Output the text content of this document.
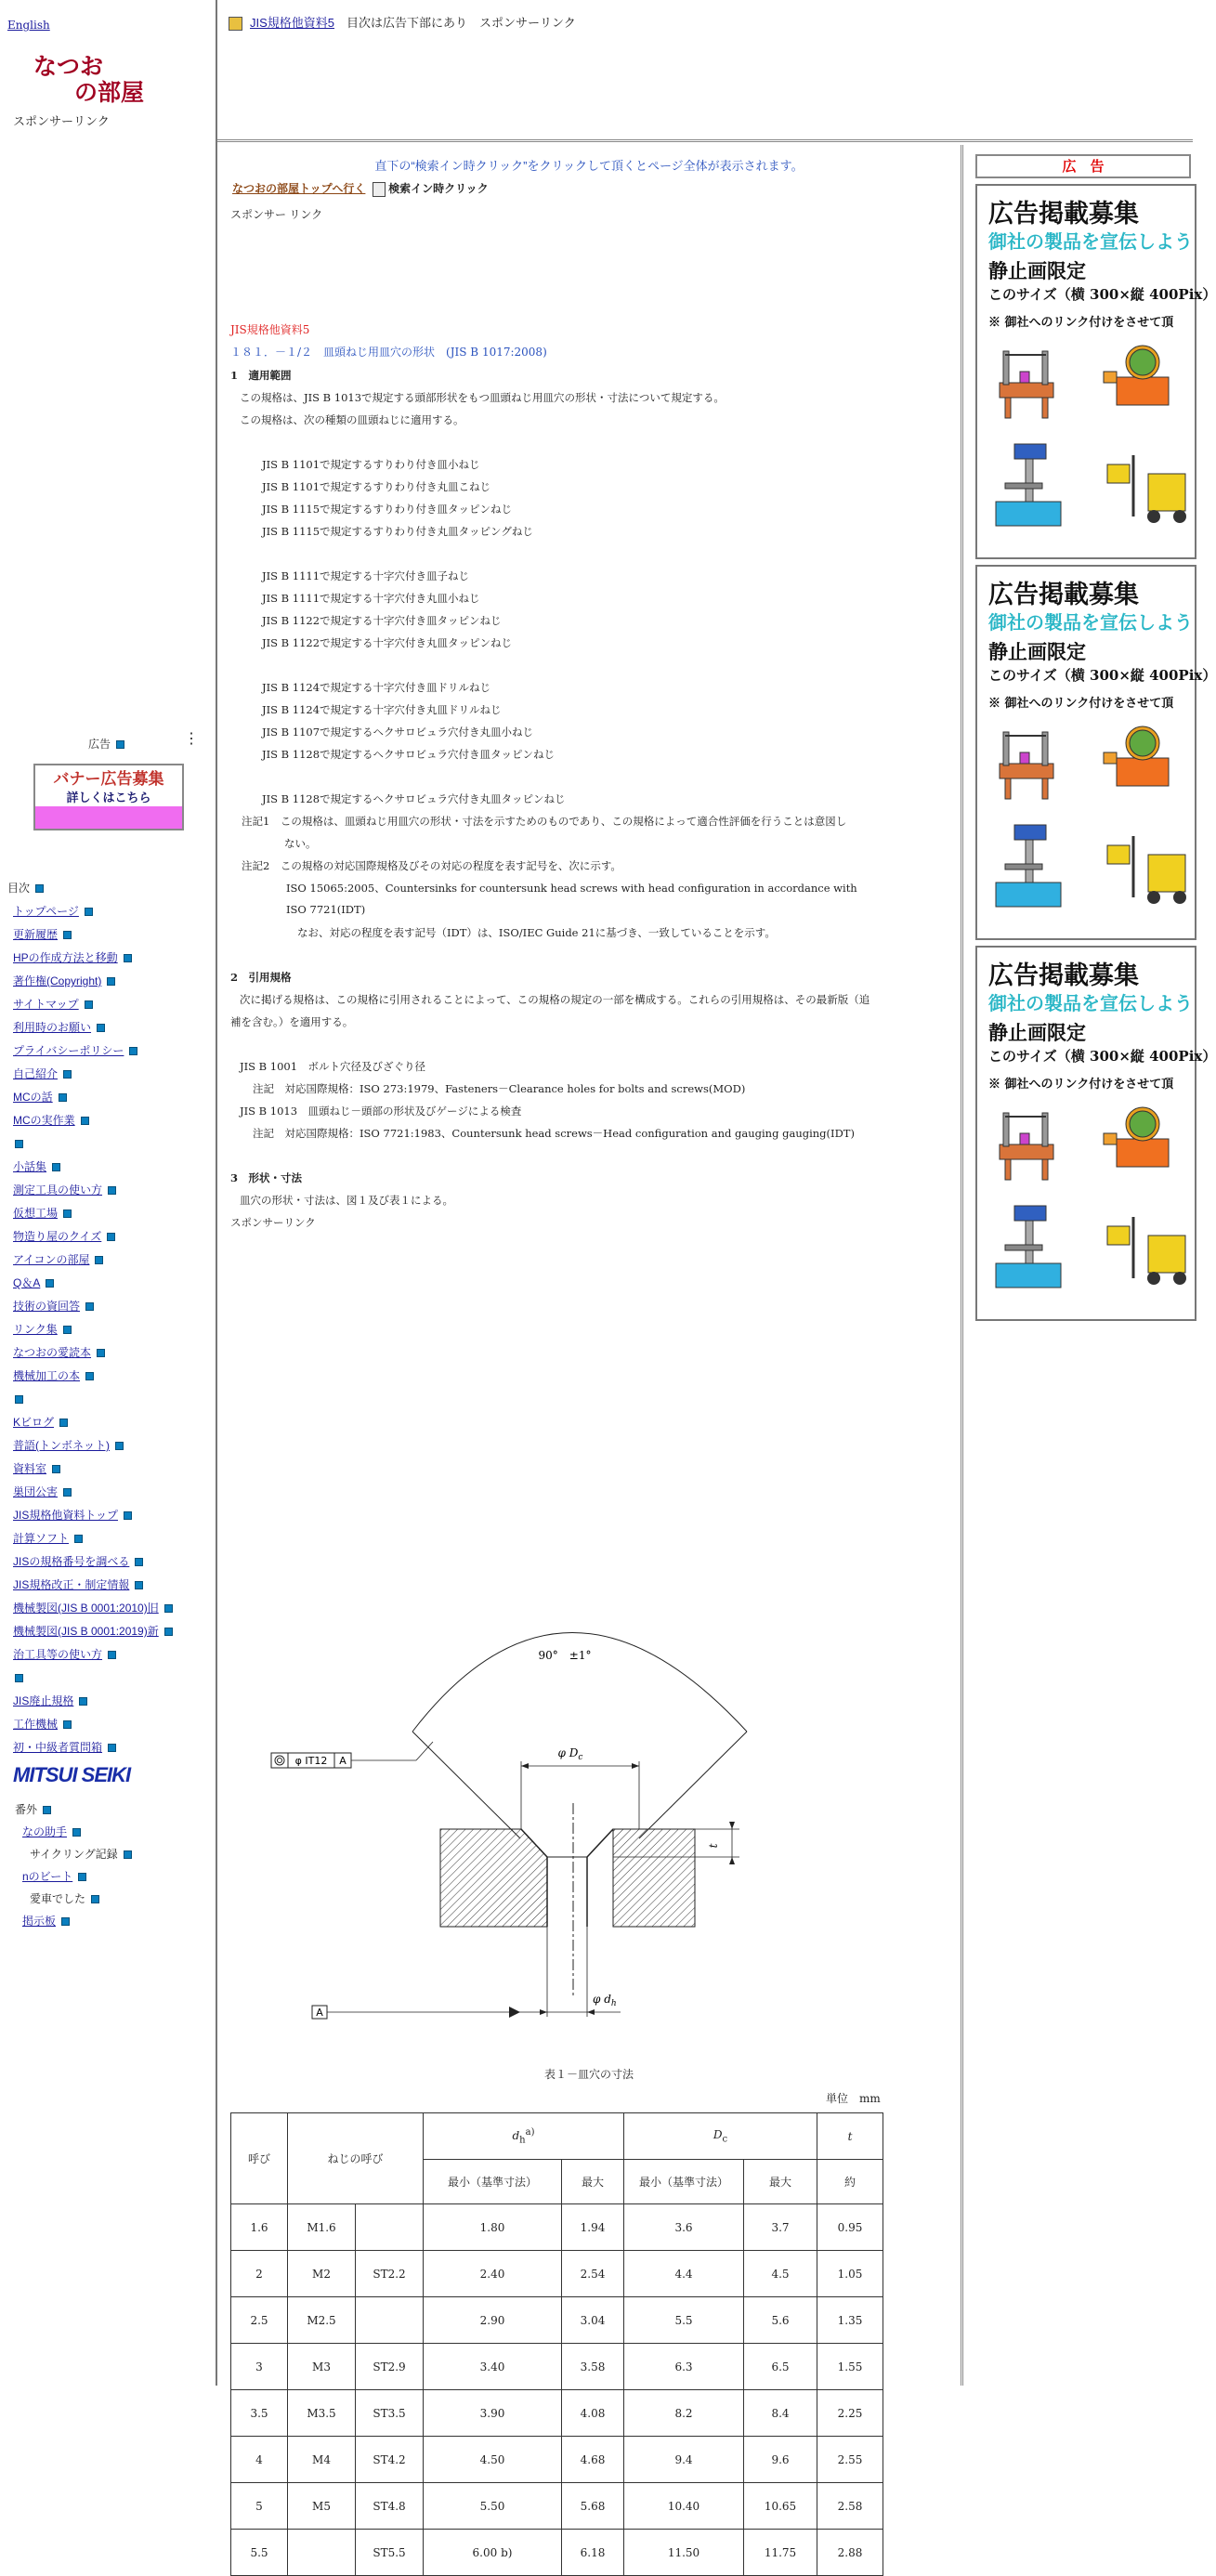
English
なつお
の部屋
スポンサーリンク
広告	⋮
バナー広告募集
詳しくはこちら
目次
トップページ
更新履歴
HPの作成方法と移動
著作権(Copyright)
サイトマップ
利用時のお願い
プライバシーポリシー
自己紹介
MCの話
MCの実作業
小話集
測定工具の使い方
仮想工場
物造り屋のクイズ
アイコンの部屋
Q＆A
技術の資回答
リンク集
なつおの愛読本
機械加工の本
Kビログ
普語(トンボネット)
資料室
巣団公害
JIS規格他資料トップ
計算ソフト
JISの規格番号を調べる
JIS規格改正・制定情報
機械製図(JIS B 0001:2010)旧
機械製図(JIS B 0001:2019)新
治工具等の使い方
JIS廃止規格
工作機械
初・中級者質問箱
MITSUI SEIKI
番外
なの助手
サイクリング記録
nのビート
愛車でした
掲示板
JIS規格他資料5　 目次は広告下部にあり　スポンサーリンク
直下の“検索イン時クリック”をクリックして頂くとページ全体が表示されます。
なつおの部屋トップへ行く 検索イン時クリック
スポンサー リンク
JIS規格他資料5
１８１．－１/２　皿頭ねじ用皿穴の形状　(JIS B 1017:2008)
1　適用範囲
この規格は、JIS B 1013で規定する頭部形状をもつ皿頭ねじ用皿穴の形状・寸法について規定する。
この規格は、次の種類の皿頭ねじに適用する。
JIS B 1101で規定するすりわり付き皿小ねじ
JIS B 1101で規定するすりわり付き丸皿こねじ
JIS B 1115で規定するすりわり付き皿タッピンねじ
JIS B 1115で規定するすりわり付き丸皿タッピングねじ
JIS B 1111で規定する十字穴付き皿子ねじ
JIS B 1111で規定する十字穴付き丸皿小ねじ
JIS B 1122で規定する十字穴付き皿タッピンねじ
JIS B 1122で規定する十字穴付き丸皿タッピンねじ
JIS B 1124で規定する十字穴付き皿ドリルねじ
JIS B 1124で規定する十字穴付き丸皿ドリルねじ
JIS B 1107で規定するヘクサロビュラ穴付き丸皿小ねじ
JIS B 1128で規定するヘクサロビュラ穴付き皿タッピンねじ
JIS B 1128で規定するヘクサロビュラ穴付き丸皿タッピンねじ
注記1　この規格は、皿頭ねじ用皿穴の形状・寸法を示すためのものであり、この規格によって適合性評価を行うことは意図し
ない。
注記2　この規格の対応国際規格及びその対応の程度を表す記号を、次に示す。
ISO 15065:2005、Countersinks for countersunk head screws with head configuration in accordance with
ISO 7721(IDT)
なお、対応の程度を表す記号（IDT）は、ISO/IEC Guide 21に基づき、一致していることを示す。
2　引用規格
次に掲げる規格は、この規格に引用されることによって、この規格の規定の一部を構成する。これらの引用規格は、その最新版（追
補を含む。）を適用する。
JIS B 1001　ボルト穴径及びざぐり径
注記　対応国際規格：ISO 273:1979、Fasteners－Clearance holes for bolts and screws(MOD)
JIS B 1013　皿頭ねじ－頭部の形状及びゲージによる検査
注記　対応国際規格：ISO 7721:1983、Countersunk head screws－Head configuration and gauging gauging(IDT)
3　形状・寸法
皿穴の形状・寸法は、図１及び表１による。
スポンサーリンク
90°　±1°
φ $D_c$
t
φ $d_h$
A
φ IT12 A
表１－皿穴の寸法
単位　mm
呼び	ねじの呼び		$d_h^{a)}$		$D_c$		t
			最小（基準寸法）	最大	最小（基準寸法）	最大	約
1.6	M1.6		1.80	1.94	3.6	3.7	0.95
2	M2	ST2.2	2.40	2.54	4.4	4.5	1.05
2.5	M2.5		2.90	3.04	5.5	5.6	1.35
3	M3	ST2.9	3.40	3.58	6.3	6.5	1.55
3.5	M3.5	ST3.5	3.90	4.08	8.2	8.4	2.25
4	M4	ST4.2	4.50	4.68	9.4	9.6	2.55
5	M5	ST4.8	5.50	5.68	10.40	10.65	2.58
5.5		ST5.5	6.00 b)	6.18	11.50	11.75	2.88
広　告
広告掲載募集
御社の製品を宣伝しよう
静止画限定
このサイズ（横 300×縦 400Pix）
※ 御社へのリンク付けをさせて頂
広告掲載募集
御社の製品を宣伝しよう
静止画限定
このサイズ（横 300×縦 400Pix）
※ 御社へのリンク付けをさせて頂
広告掲載募集
御社の製品を宣伝しよう
静止画限定
このサイズ（横 300×縦 400Pix）
※ 御社へのリンク付けをさせて頂
